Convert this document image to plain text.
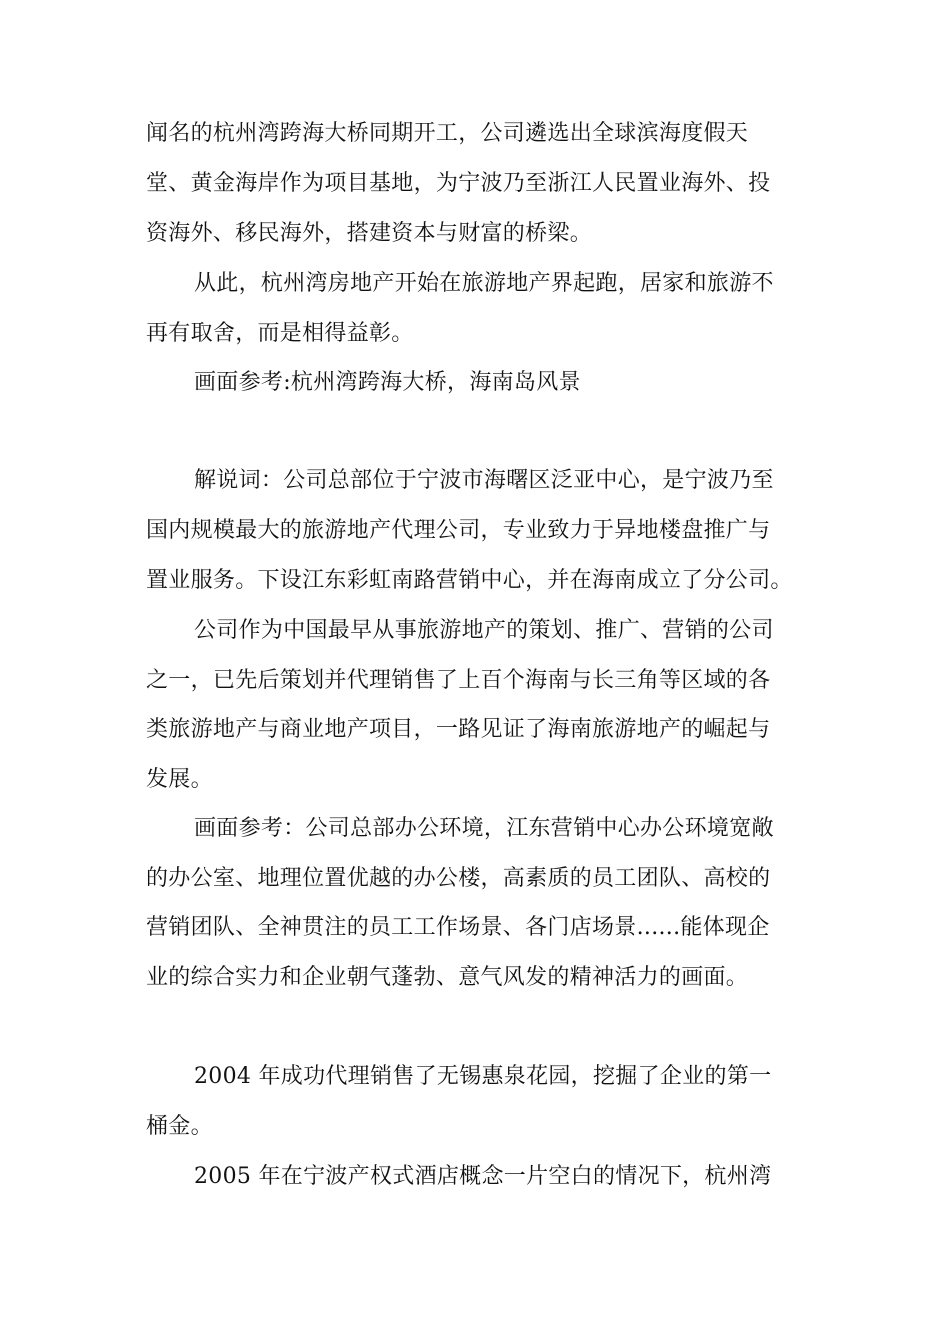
闻名的杭州湾跨海大桥同期开工，公司遴选出全球滨海度假天
堂、黄金海岸作为项目基地，为宁波乃至浙江人民置业海外、投
资海外、移民海外，搭建资本与财富的桥梁。
从此，杭州湾房地产开始在旅游地产界起跑，居家和旅游不
再有取舍，而是相得益彰。
画面参考:杭州湾跨海大桥，海南岛风景
解说词：公司总部位于宁波市海曙区泛亚中心，是宁波乃至
国内规模最大的旅游地产代理公司，专业致力于异地楼盘推广与
置业服务。下设江东彩虹南路营销中心，并在海南成立了分公司。
公司作为中国最早从事旅游地产的策划、推广、营销的公司
之一，已先后策划并代理销售了上百个海南与长三角等区域的各
类旅游地产与商业地产项目，一路见证了海南旅游地产的崛起与
发展。
画面参考：公司总部办公环境，江东营销中心办公环境宽敞
的办公室、地理位置优越的办公楼，高素质的员工团队、高校的
营销团队、全神贯注的员工工作场景、各门店场景......能体现企
业的综合实力和企业朝气蓬勃、意气风发的精神活力的画面。
2004 年成功代理销售了无锡惠泉花园，挖掘了企业的第一
桶金。
2005 年在宁波产权式酒店概念一片空白的情况下，杭州湾
